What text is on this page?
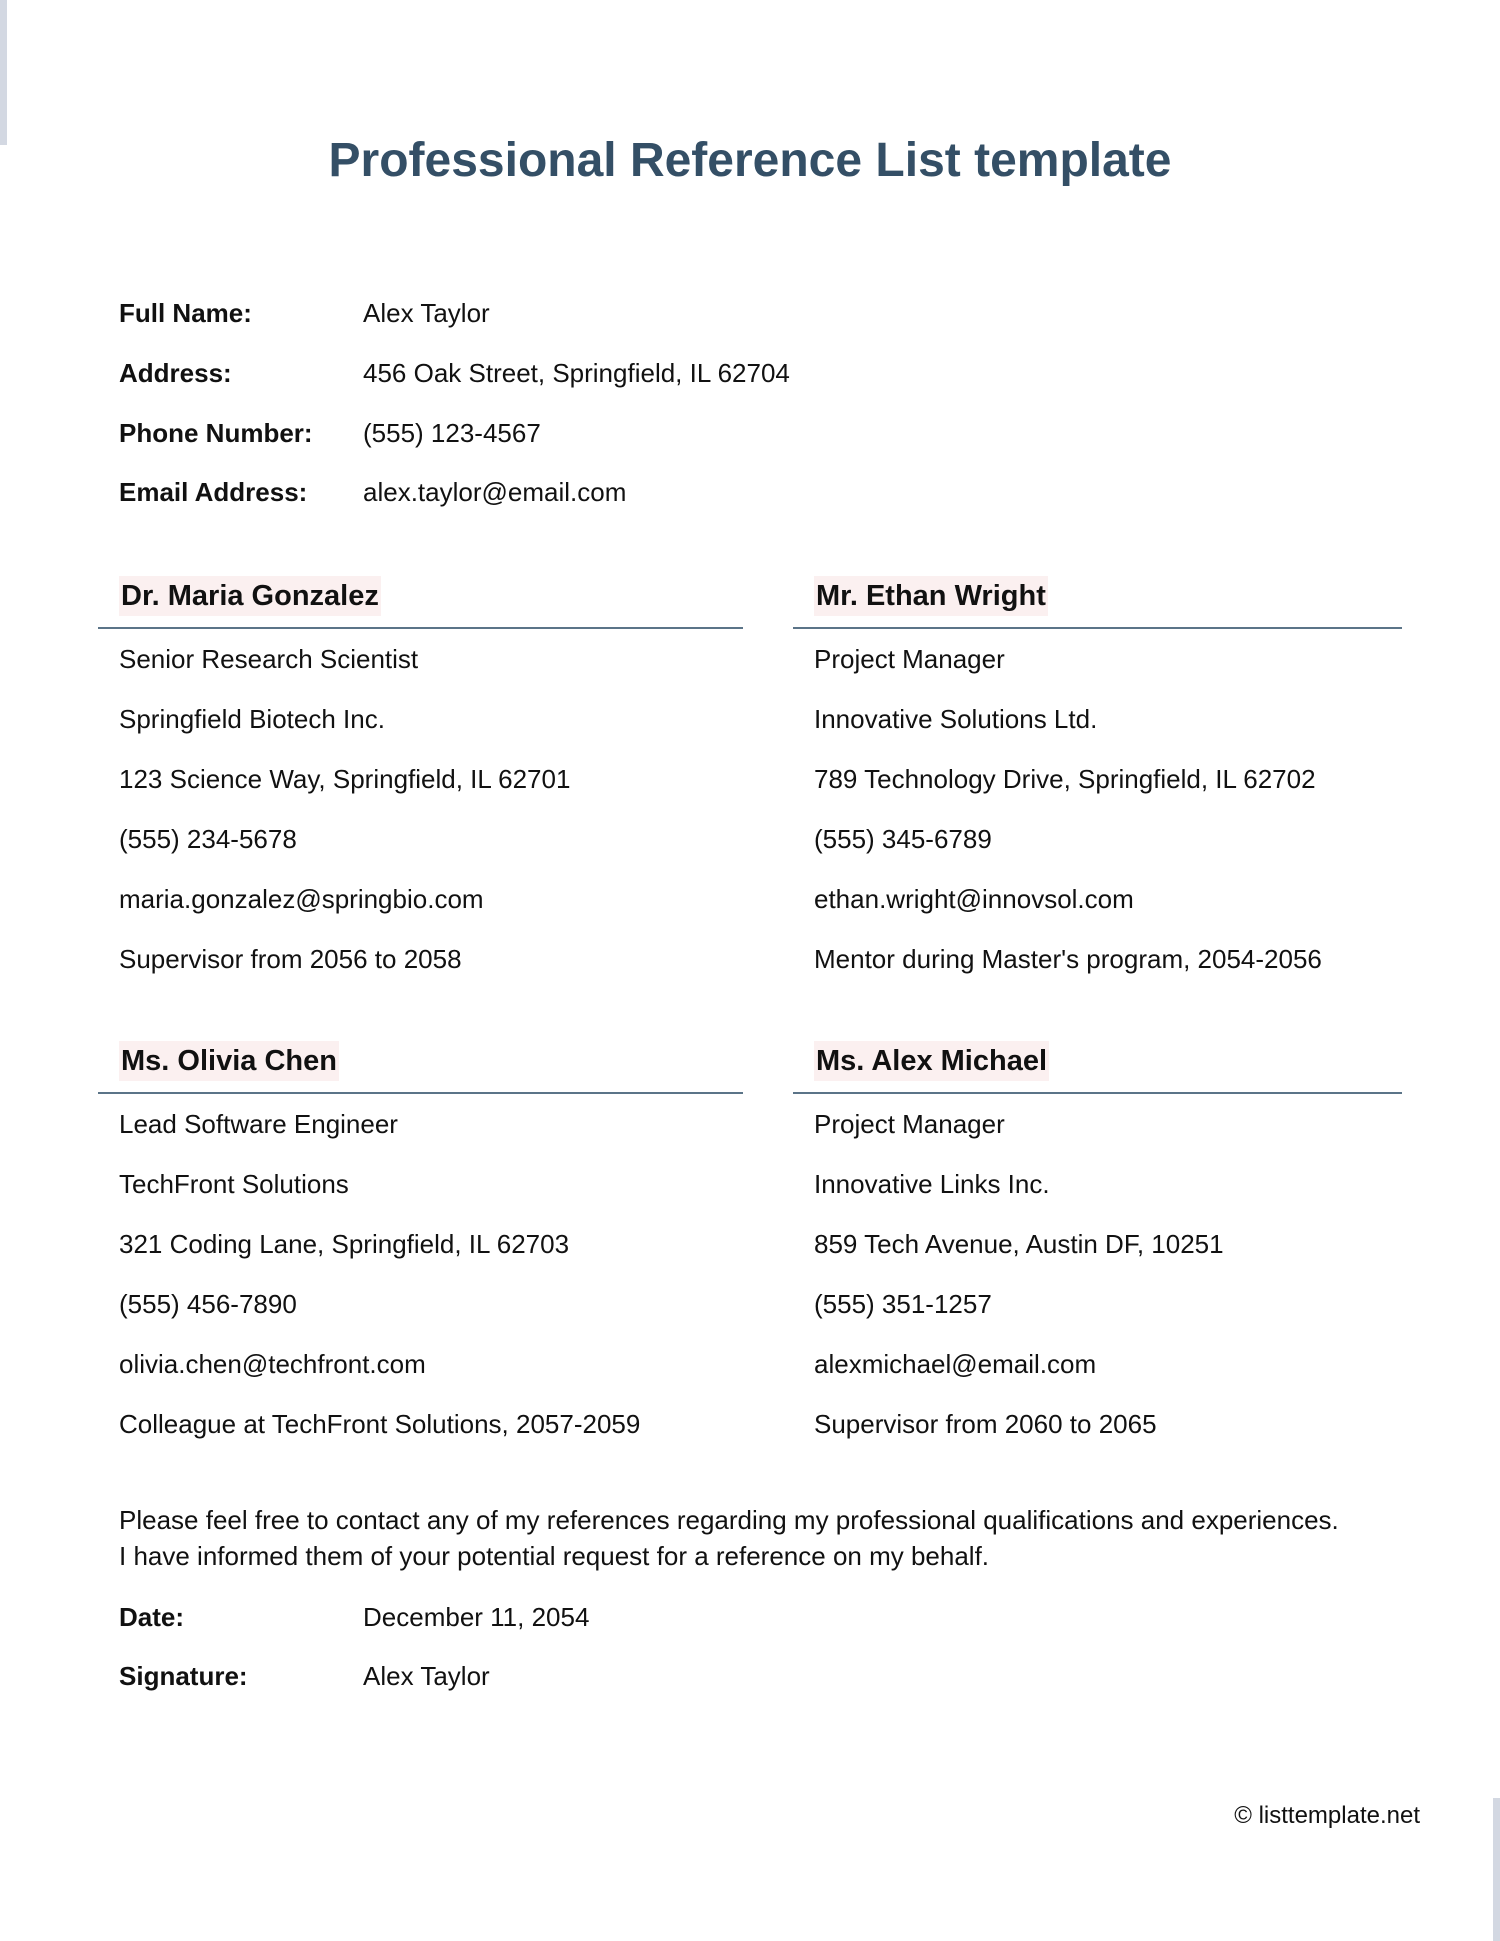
Professional Reference List template
Full Name:	Alex Taylor
Address:	456 Oak Street, Springfield, IL 62704
Phone Number: (555) 123-4567
Email Address: alex.taylor@email.com
Dr. Maria Gonzalez
Senior Research Scientist
Springfield Biotech Inc.
123 Science Way, Springfield, IL 62701
(555) 234-5678
maria.gonzalez@springbio.com
Supervisor from 2056 to 2058
Mr. Ethan Wright
Project Manager
Innovative Solutions Ltd.
789 Technology Drive, Springfield, IL 62702
(555) 345-6789
ethan.wright@innovsol.com
Mentor during Master's program, 2054-2056
Ms. Olivia Chen
Lead Software Engineer
TechFront Solutions
321 Coding Lane, Springfield, IL 62703
(555) 456-7890
olivia.chen@techfront.com
Colleague at TechFront Solutions, 2057-2059
Ms. Alex Michael
Project Manager
Innovative Links Inc.
859 Tech Avenue, Austin DF, 10251
(555) 351-1257
alexmichael@email.com
Supervisor from 2060 to 2065

Please feel free to contact any of my references regarding my professional qualifications and experiences.
I have informed them of your potential request for a reference on my behalf.

Date:	December 11, 2054
Signature:	Alex Taylor
© listtemplate.net
